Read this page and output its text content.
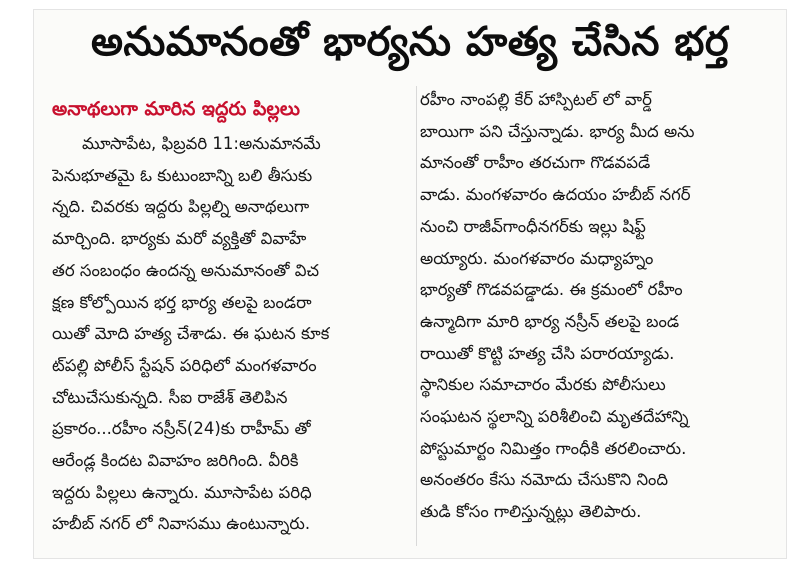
అనుమానంతో భార్యను హత్య చేసిన భర్త
అనాథలుగా మారిన ఇద్దరు పిల్లలు
మూసాపేట, ఫిబ్రవరి 11:అనుమానమే
పెనుభూతమై ఓ కుటుంబాన్ని బలి తీసుకు
న్నది. చివరకు ఇద్దరు పిల్లల్ని అనాథలుగా
మార్చింది. భార్యకు మరో వ్యక్తితో వివాహే
తర సంబంధం ఉందన్న అనుమానంతో విచ
క్షణ కోల్పోయిన భర్త భార్య తలపై బండరా
యితో మోది హత్య చేశాడు. ఈ ఘటన కూక
ట్‌పల్లి పోలీస్ స్టేషన్ పరిధిలో మంగళవారం
చోటుచేసుకున్నది. సీఐ రాజేశ్ తెలిపిన
ప్రకారం...రహీం నస్రీన్(24)కు రాహీమ్ తో
ఆరేండ్ల కిందట వివాహం జరిగింది. వీరికి
ఇద్దరు పిల్లలు ఉన్నారు. మూసాపేట పరిధి
హబీబ్ నగర్ లో నివాసము ఉంటున్నారు.
రహీం నాంపల్లి కేర్ హాస్పిటల్ లో వార్డ్
బాయిగా పని చేస్తున్నాడు. భార్య మీద అను
మానంతో రాహీం తరచుగా గొడవపడే
వాడు. మంగళవారం ఉదయం హబీబ్ నగర్
నుంచి రాజీవ్‌గాంధీనగర్‌కు ఇల్లు షిఫ్ట్
అయ్యారు. మంగళవారం మధ్యాహ్నం
భార్యతో గొడవపడ్డాడు. ఈ క్రమంలో రహీం
ఉన్మాదిగా మారి భార్య నస్రీన్ తలపై బండ
రాయితో కొట్టి హత్య చేసి పరారయ్యాడు.
స్థానికుల సమాచారం మేరకు పోలీసులు
సంఘటన స్థలాన్ని పరిశీలించి మృతదేహాన్ని
పోస్టుమార్టం నిమిత్తం గాంధీకి తరలించారు.
అనంతరం కేసు నమోదు చేసుకొని నింది
తుడి కోసం గాలిస్తున్నట్లు తెలిపారు.
